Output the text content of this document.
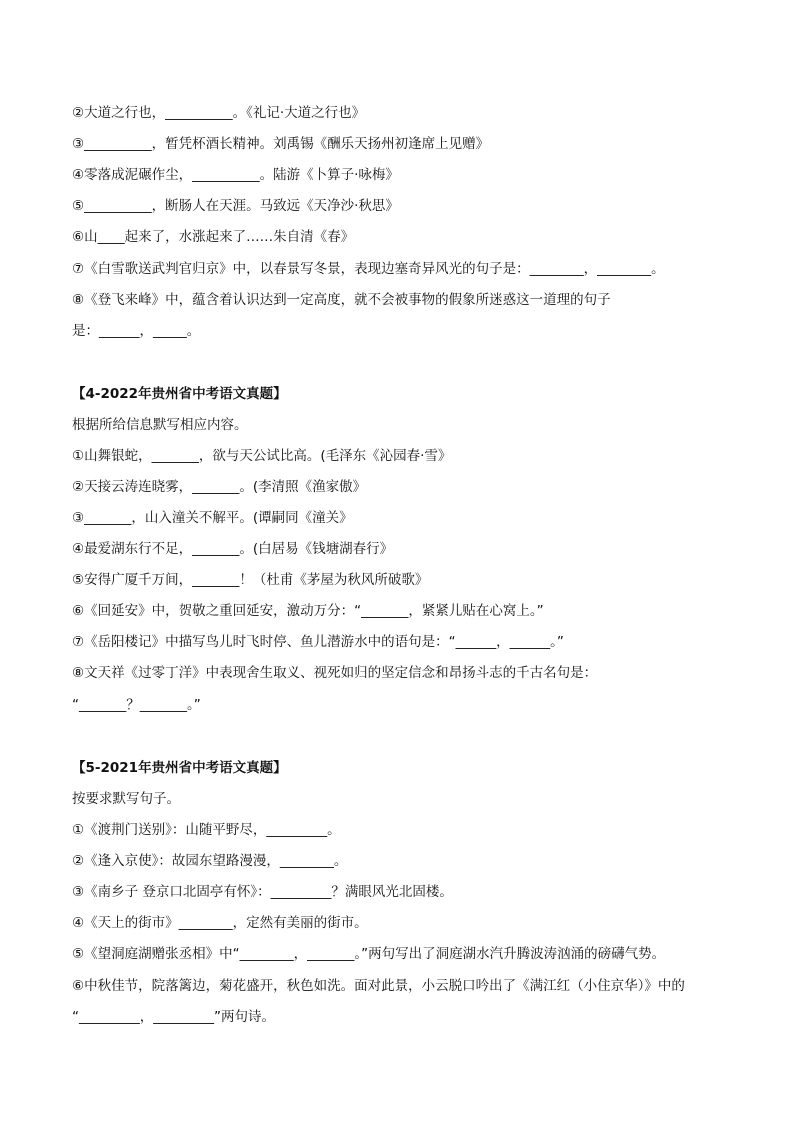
②大道之行也，__________。《礼记·大道之行也》
③__________，暂凭杯酒长精神。刘禹锡《酬乐天扬州初逢席上见赠》
④零落成泥碾作尘，__________。陆游《卜算子·咏梅》
⑤__________，断肠人在天涯。马致远《天净沙·秋思》
⑥山____起来了，水涨起来了……朱自清《春》
⑦《白雪歌送武判官归京》中，以春景写冬景，表现边塞奇异风光的句子是：________，________。
⑧《登飞来峰》中，蕴含着认识达到一定高度，就不会被事物的假象所迷惑这一道理的句子
是：______，_____。
【4-2022年贵州省中考语文真题】
根据所给信息默写相应内容。
①山舞银蛇，_______，欲与天公试比高。(毛泽东《沁园春·雪》
②天接云涛连晓雾，_______。(李清照《渔家傲》
③_______，山入潼关不解平。(谭嗣同《潼关》
④最爱湖东行不足，_______。(白居易《钱塘湖春行》
⑤安得广厦千万间，_______！（杜甫《茅屋为秋风所破歌》
⑥《回延安》中，贺敬之重回延安，激动万分：“_______，紧紧儿贴在心窝上。”
⑦《岳阳楼记》中描写鸟儿时飞时停、鱼儿潜游水中的语句是：“______，______。”
⑧文天祥《过零丁洋》中表现舍生取义、视死如归的坚定信念和昂扬斗志的千古名句是：
“_______？_______。”
【5-2021年贵州省中考语文真题】
按要求默写句子。
①《渡荆门送别》：山随平野尽，_________。
②《逢入京使》：故园东望路漫漫，________。
③《南乡子 登京口北固亭有怀》：_________？满眼风光北固楼。
④《天上的街市》________，定然有美丽的街市。
⑤《望洞庭湖赠张丞相》中“________，_______。”两句写出了洞庭湖水汽升腾波涛汹涌的磅礴气势。
⑥中秋佳节，院落篱边，菊花盛开，秋色如洗。面对此景，小云脱口吟出了《满江红（小住京华）》中的
“_________，_________”两句诗。
